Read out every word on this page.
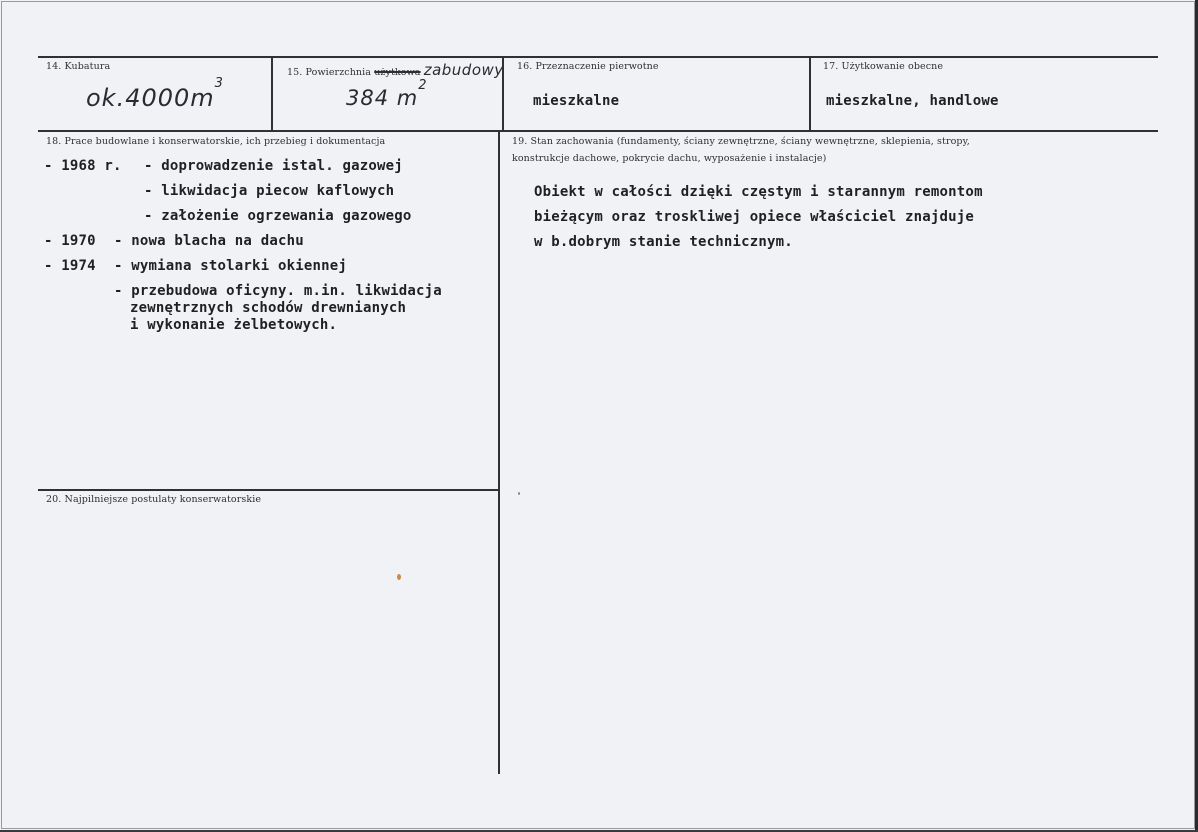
14. Kubatura
$ok.4000m^3$
15. Powierzchnia użytkowa zabudowy
384 $m^2$
16. Przeznaczenie pierwotne
mieszkalne
17. Użytkowanie obecne
mieszkalne, handlowe
18. Prace budowlane i konserwatorskie, ich przebieg i dokumentacja
- 1968 r. - doprowadzenie istal. gazowej
- likwidacja piecow kaflowych
- założenie ogrzewania gazowego
- 1970 - nowa blacha na dachu
- 1974 - wymiana stolarki okiennej
- przebudowa oficyny. m.in. likwidacja
zewnętrznych schodów drewnianych
i wykonanie żelbetowych.
19. Stan zachowania (fundamenty, ściany zewnętrzne, ściany wewnętrzne, sklepienia, stropy,
konstrukcje dachowe, pokrycie dachu, wyposażenie i instalacje)
Obiekt w całości dzięki częstym i starannym remontom
bieżącym oraz troskliwej opiece właściciel znajduje
w b.dobrym stanie technicznym.
20. Najpilniejsze postulaty konserwatorskie
